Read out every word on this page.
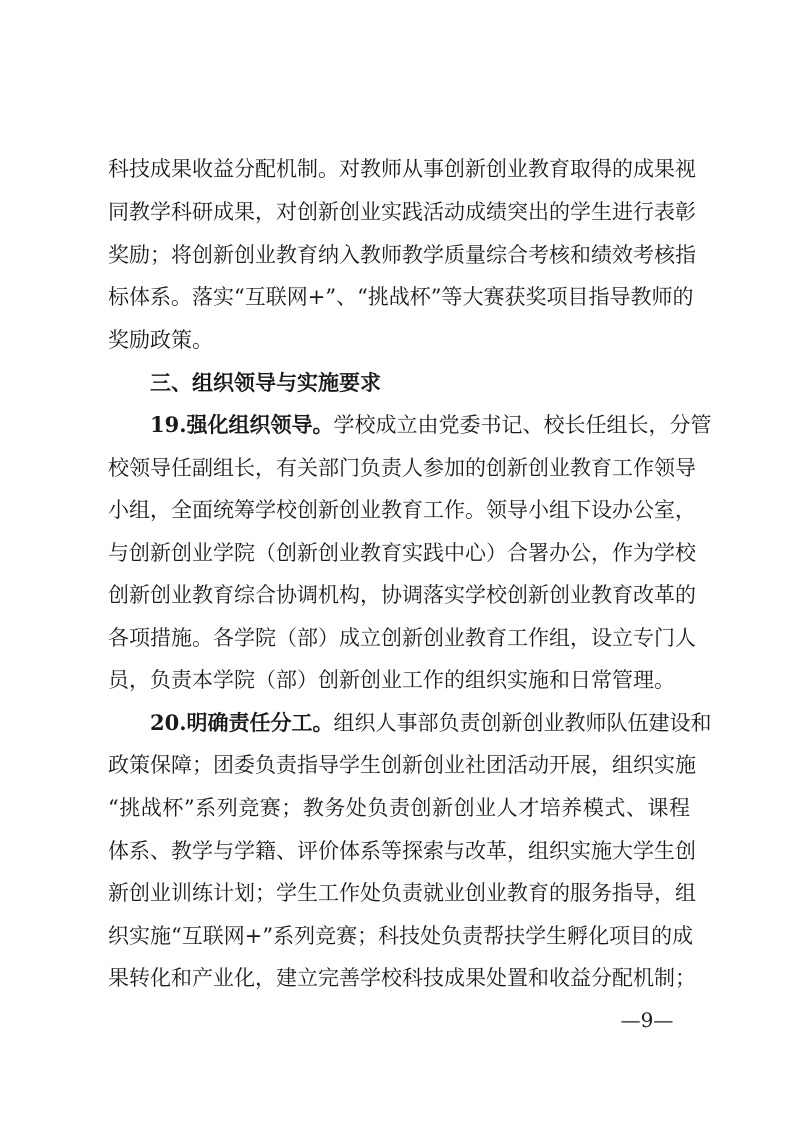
科技成果收益分配机制。对教师从事创新创业教育取得的成果视
同教学科研成果，对创新创业实践活动成绩突出的学生进行表彰
奖励；将创新创业教育纳入教师教学质量综合考核和绩效考核指
标体系。落实“互联网+”、“挑战杯”等大赛获奖项目指导教师的
奖励政策。
三、组织领导与实施要求
19.强化组织领导。学校成立由党委书记、校长任组长，分管
校领导任副组长，有关部门负责人参加的创新创业教育工作领导
小组，全面统筹学校创新创业教育工作。领导小组下设办公室，
与创新创业学院（创新创业教育实践中心）合署办公，作为学校
创新创业教育综合协调机构，协调落实学校创新创业教育改革的
各项措施。各学院（部）成立创新创业教育工作组，设立专门人
员，负责本学院（部）创新创业工作的组织实施和日常管理。
20.明确责任分工。组织人事部负责创新创业教师队伍建设和
政策保障；团委负责指导学生创新创业社团活动开展，组织实施
“挑战杯”系列竞赛；教务处负责创新创业人才培养模式、课程
体系、教学与学籍、评价体系等探索与改革，组织实施大学生创
新创业训练计划；学生工作处负责就业创业教育的服务指导，组
织实施“互联网+”系列竞赛；科技处负责帮扶学生孵化项目的成
果转化和产业化，建立完善学校科技成果处置和收益分配机制；
—9—
